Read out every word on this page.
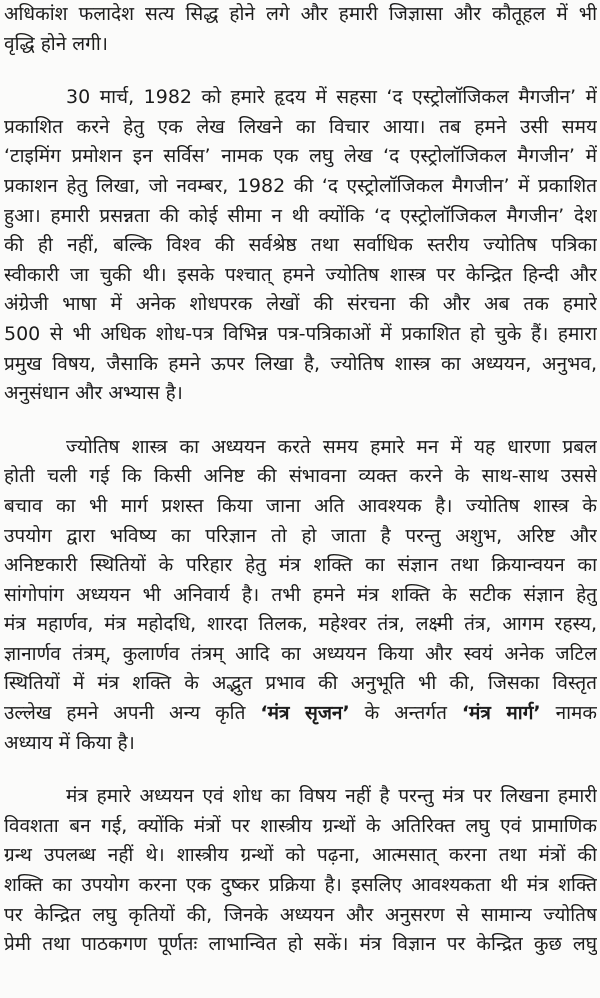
अधिकांश फलादेश सत्य सिद्ध होने लगे और हमारी जिज्ञासा और कौतूहल में भी
वृद्धि होने लगी।
30 मार्च, 1982 को हमारे हृदय में सहसा ‘द एस्ट्रोलॉजिकल मैगजीन’ में
प्रकाशित करने हेतु एक लेख लिखने का विचार आया। तब हमने उसी समय
‘टाइमिंग प्रमोशन इन सर्विस’ नामक एक लघु लेख ‘द एस्ट्रोलॉजिकल मैगजीन’ में
प्रकाशन हेतु लिखा, जो नवम्बर, 1982 की ‘द एस्ट्रोलॉजिकल मैगजीन’ में प्रकाशित
हुआ। हमारी प्रसन्नता की कोई सीमा न थी क्योंकि ‘द एस्ट्रोलॉजिकल मैगजीन’ देश
की ही नहीं, बल्कि विश्व की सर्वश्रेष्ठ तथा सर्वाधिक स्तरीय ज्योतिष पत्रिका
स्वीकारी जा चुकी थी। इसके पश्चात् हमने ज्योतिष शास्त्र पर केन्द्रित हिन्दी और
अंग्रेजी भाषा में अनेक शोधपरक लेखों की संरचना की और अब तक हमारे
500 से भी अधिक शोध-पत्र विभिन्न पत्र-पत्रिकाओं में प्रकाशित हो चुके हैं। हमारा
प्रमुख विषय, जैसाकि हमने ऊपर लिखा है, ज्योतिष शास्त्र का अध्ययन, अनुभव,
अनुसंधान और अभ्यास है।
ज्योतिष शास्त्र का अध्ययन करते समय हमारे मन में यह धारणा प्रबल
होती चली गई कि किसी अनिष्ट की संभावना व्यक्त करने के साथ-साथ उससे
बचाव का भी मार्ग प्रशस्त किया जाना अति आवश्यक है। ज्योतिष शास्त्र के
उपयोग द्वारा भविष्य का परिज्ञान तो हो जाता है परन्तु अशुभ, अरिष्ट और
अनिष्टकारी स्थितियों के परिहार हेतु मंत्र शक्ति का संज्ञान तथा क्रियान्वयन का
सांगोपांग अध्ययन भी अनिवार्य है। तभी हमने मंत्र शक्ति के सटीक संज्ञान हेतु
मंत्र महार्णव, मंत्र महोदधि, शारदा तिलक, महेश्वर तंत्र, लक्ष्मी तंत्र, आगम रहस्य,
ज्ञानार्णव तंत्रम्, कुलार्णव तंत्रम् आदि का अध्ययन किया और स्वयं अनेक जटिल
स्थितियों में मंत्र शक्ति के अद्भुत प्रभाव की अनुभूति भी की, जिसका विस्तृत
उल्लेख हमने अपनी अन्य कृति ‘मंत्र सृजन’ के अन्तर्गत ‘मंत्र मार्ग’ नामक
अध्याय में किया है।
मंत्र हमारे अध्ययन एवं शोध का विषय नहीं है परन्तु मंत्र पर लिखना हमारी
विवशता बन गई, क्योंकि मंत्रों पर शास्त्रीय ग्रन्थों के अतिरिक्त लघु एवं प्रामाणिक
ग्रन्थ उपलब्ध नहीं थे। शास्त्रीय ग्रन्थों को पढ़ना, आत्मसात् करना तथा मंत्रों की
शक्ति का उपयोग करना एक दुष्कर प्रक्रिया है। इसलिए आवश्यकता थी मंत्र शक्ति
पर केन्द्रित लघु कृतियों की, जिनके अध्ययन और अनुसरण से सामान्य ज्योतिष
प्रेमी तथा पाठकगण पूर्णतः लाभान्वित हो सकें। मंत्र विज्ञान पर केन्द्रित कुछ लघु
